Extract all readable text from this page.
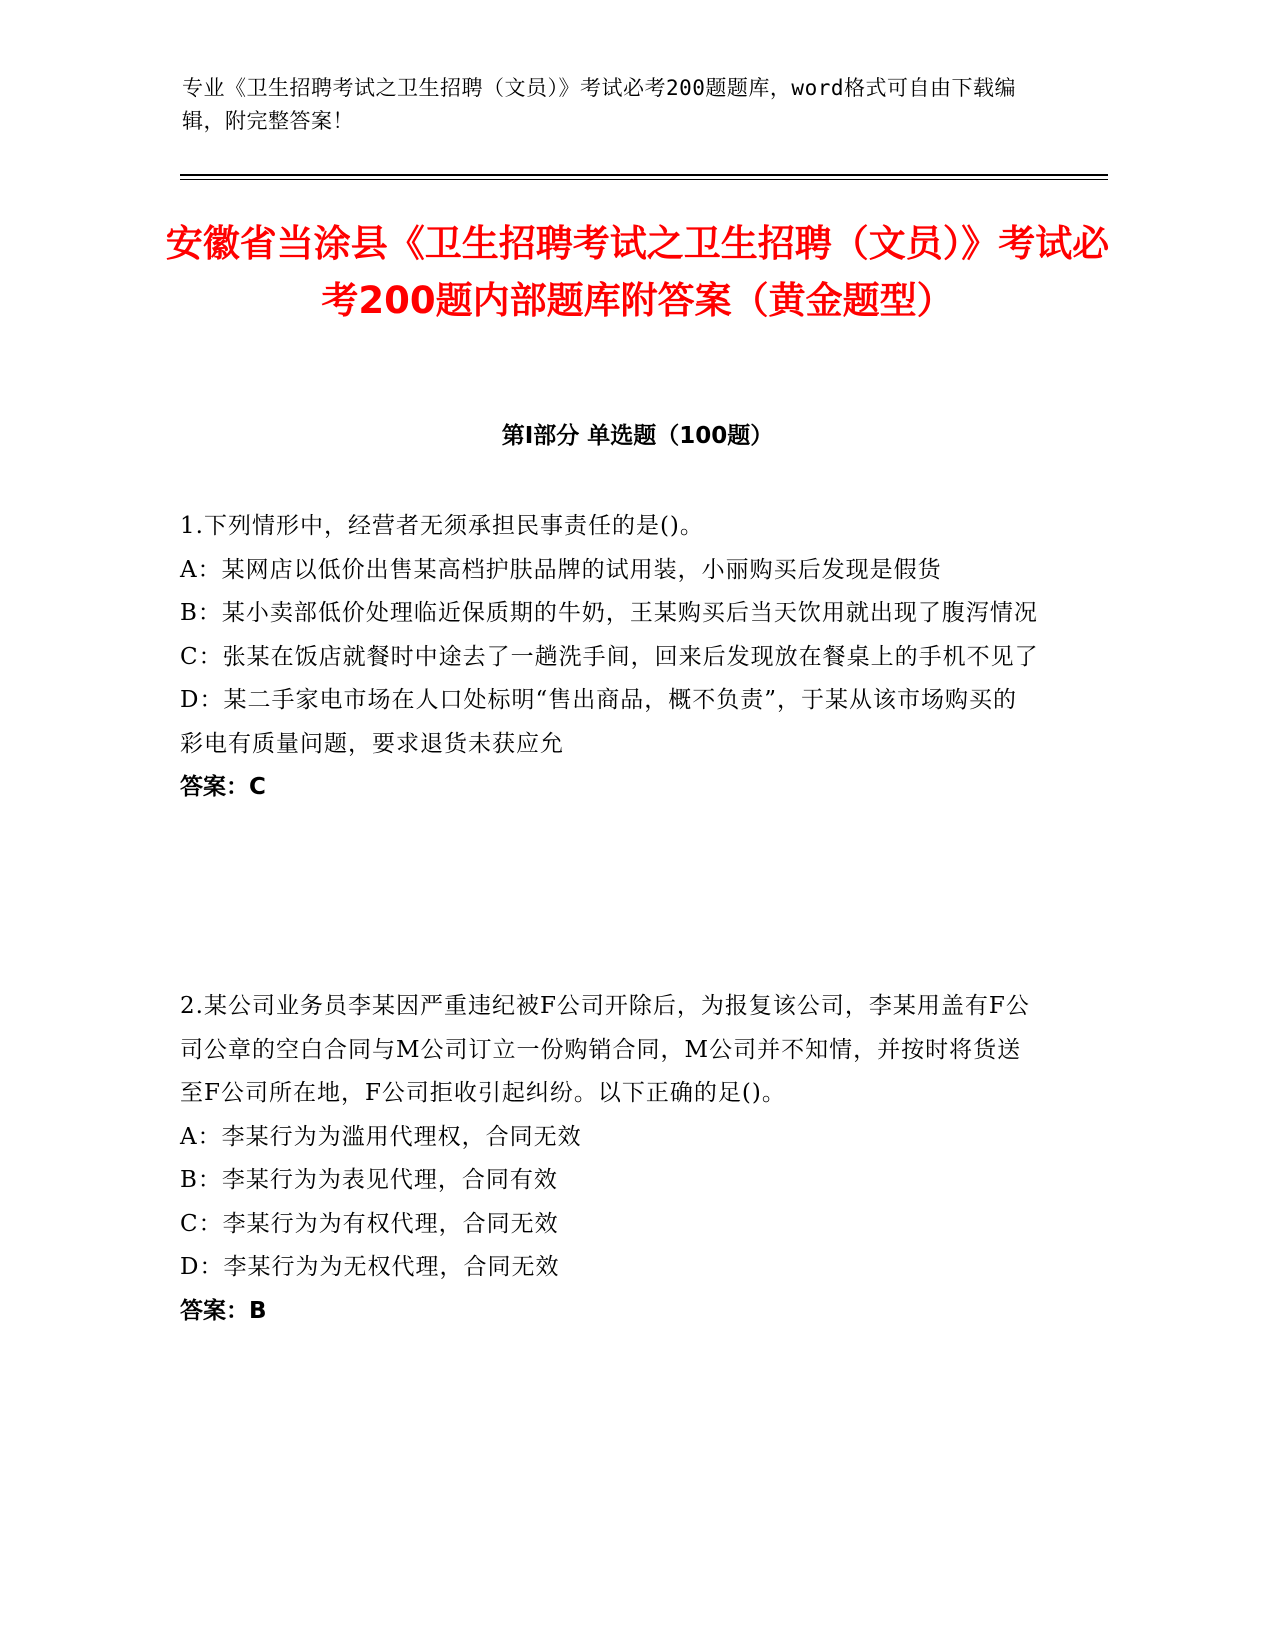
专业《卫生招聘考试之卫生招聘（文员）》考试必考200题题库，word格式可自由下载编辑，附完整答案！

安徽省当涂县《卫生招聘考试之卫生招聘（文员）》考试必考200题内部题库附答案（黄金题型）
第Ⅰ部分 单选题（100题）

1.下列情形中，经营者无须承担民事责任的是()。

A：某网店以低价出售某高档护肤品牌的试用装，小丽购买后发现是假货

B：某小卖部低价处理临近保质期的牛奶，王某购买后当天饮用就出现了腹泻情况

C：张某在饭店就餐时中途去了一趟洗手间，回来后发现放在餐桌上的手机不见了

D：某二手家电市场在人口处标明“售出商品，概不负责”，于某从该市场购买的彩电有质量问题，要求退货未获应允

答案：C

2.某公司业务员李某因严重违纪被F公司开除后，为报复该公司，李某用盖有F公司公章的空白合同与M公司订立一份购销合同，M公司并不知情，并按时将货送至F公司所在地，F公司拒收引起纠纷。以下正确的足()。

A：李某行为为滥用代理权，合同无效

B：李某行为为表见代理，合同有效

C：李某行为为有权代理，合同无效

D：李某行为为无权代理，合同无效

答案：B
